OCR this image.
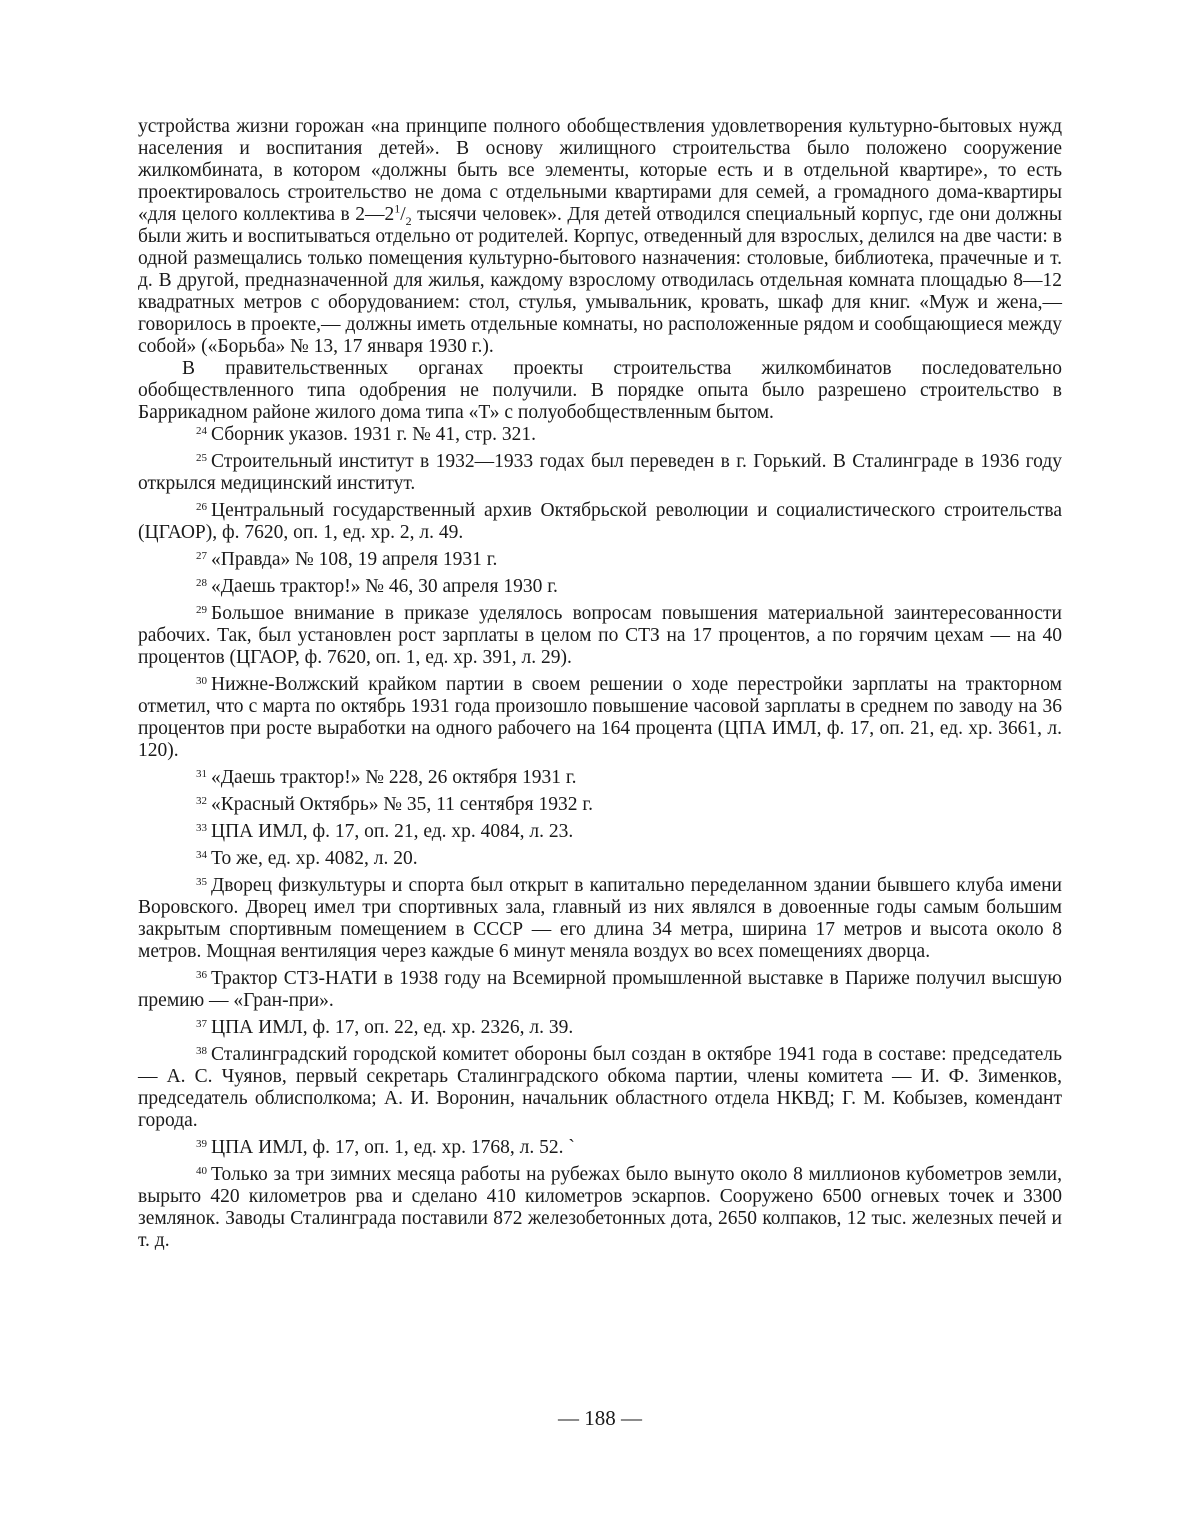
устройства жизни горожан «на принципе полного обобществления удовлетворения культурно-бытовых нужд населения и воспитания детей». В основу жилищного строительства было положено сооружение жилкомбината, в котором «должны быть все элементы, которые есть и в отдельной квартире», то есть проектировалось строительство не дома с отдельными квартирами для семей, а громадного дома-квартиры «для целого коллектива в 2—21/2 тысячи человек». Для детей отводился специальный корпус, где они должны были жить и воспитываться отдельно от родителей. Корпус, отведенный для взрослых, делился на две части: в одной размещались только помещения культурно-бытового назначения: столовые, библиотека, прачечные и т. д. В другой, предназначенной для жилья, каждому взрослому отводилась отдельная комната площадью 8—12 квадратных метров с оборудованием: стол, стулья, умывальник, кровать, шкаф для книг. «Муж и жена,— говорилось в проекте,— должны иметь отдельные комнаты, но расположенные рядом и сообщающиеся между собой» («Борьба» № 13, 17 января 1930 г.).

В правительственных органах проекты строительства жилкомбинатов последовательно обобществленного типа одобрения не получили. В порядке опыта было разрешено строительство в Баррикадном районе жилого дома типа «Т» с полуобобществленным бытом.

24 Сборник указов. 1931 г. № 41, стр. 321.

25 Строительный институт в 1932—1933 годах был переведен в г. Горький. В Сталинграде в 1936 году открылся медицинский институт.

26 Центральный государственный архив Октябрьской революции и социалистического строительства (ЦГАОР), ф. 7620, оп. 1, ед. хр. 2, л. 49.

27 «Правда» № 108, 19 апреля 1931 г.

28 «Даешь трактор!» № 46, 30 апреля 1930 г.

29 Большое внимание в приказе уделялось вопросам повышения материальной заинтересованности рабочих. Так, был установлен рост зарплаты в целом по СТЗ на 17 процентов, а по горячим цехам — на 40 процентов (ЦГАОР, ф. 7620, оп. 1, ед. хр. 391, л. 29).

30 Нижне-Волжский крайком партии в своем решении о ходе перестройки зарплаты на тракторном отметил, что с марта по октябрь 1931 года произошло повышение часовой зарплаты в среднем по заводу на 36 процентов при росте выработки на одного рабочего на 164 процента (ЦПА ИМЛ, ф. 17, оп. 21, ед. хр. 3661, л. 120).

31 «Даешь трактор!» № 228, 26 октября 1931 г.

32 «Красный Октябрь» № 35, 11 сентября 1932 г.

33 ЦПА ИМЛ, ф. 17, оп. 21, ед. хр. 4084, л. 23.

34 То же, ед. хр. 4082, л. 20.

35 Дворец физкультуры и спорта был открыт в капитально переделанном здании бывшего клуба имени Воровского. Дворец имел три спортивных зала, главный из них являлся в довоенные годы самым большим закрытым спортивным помещением в СССР — его длина 34 метра, ширина 17 метров и высота около 8 метров. Мощная вентиляция через каждые 6 минут меняла воздух во всех помещениях дворца.

36 Трактор СТЗ-НАТИ в 1938 году на Всемирной промышленной выставке в Париже получил высшую премию — «Гран-при».

37 ЦПА ИМЛ, ф. 17, оп. 22, ед. хр. 2326, л. 39.

38 Сталинградский городской комитет обороны был создан в октябре 1941 года в составе: председатель — А. С. Чуянов, первый секретарь Сталинградского обкома партии, члены комитета — И. Ф. Зименков, председатель облисполкома; А. И. Воронин, начальник областного отдела НКВД; Г. М. Кобызев, комендант города.

39 ЦПА ИМЛ, ф. 17, оп. 1, ед. хр. 1768, л. 52. `

40 Только за три зимних месяца работы на рубежах было вынуто около 8 миллионов кубометров земли, вырыто 420 километров рва и сделано 410 километров эскарпов. Сооружено 6500 огневых точек и 3300 землянок. Заводы Сталинграда поставили 872 железобетонных дота, 2650 колпаков, 12 тыс. железных печей и т. д.

— 188 —
